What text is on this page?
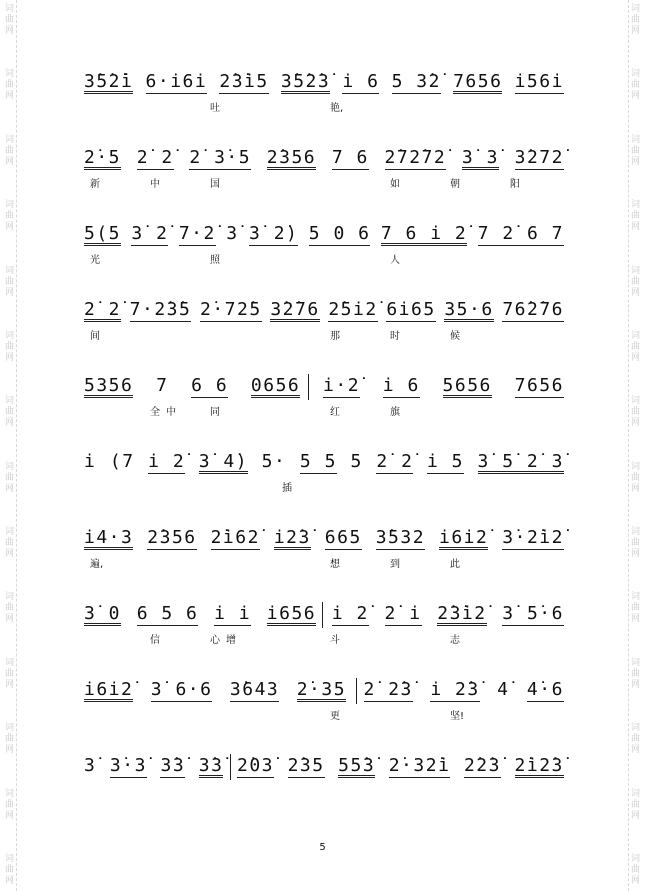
词
曲
网
词
曲
网
词
曲
网
词
曲
网
词
曲
网
词
曲
网
词
曲
网
词
曲
网
词
曲
网
词
曲
网
词
曲
网
词
曲
网
词
曲
网
词
曲
网
词
曲
网
词
曲
网
词
曲
网
词
曲
网
词
曲
网
词
曲
网
词
曲
网
词
曲
网
词
曲
网
词
曲
网
词
曲
网
词
曲
网
词
曲
网
词
曲
网
3̇5̇2̇i̇ 6·i6i 2̇3̇i5 3̇5̇2̇3̇ i 6 5 3̇2̇ 7656 i56i
吐	艳,
2̇·5 2̇ 2̇ 2̇ 3̇·5 2̇356 7 6 2̇72̇72̇ 3̇ 3̇ 3̇272̇
新	中	国	如	朝	阳
5(5 3̇ 2̇ 7·2̇ 3̇ 3̇ 2̇) 5 0 6 7 6 i 2̇ 7 2̇ 6 7
光	照	人
2̇ 2̇ 7·2̇3̇5 2̇·72̇5 3̇2̇76 2̇5i2̇ 6i65 35·6 76̇2̇76
间	那	时	候
5356 7 6 6 0656 i·2̇ i 6 5656 7656
全 中	同	红	旗
i (7 i 2̇ 3̇ 4̇) 5· 5 5 5 2̇ 2̇ i 5 3̇ 5̇ 2̇ 3̇
插
i4·3 2̇356 2̇i62̇ i2̇3̇ 665 3̇532 i6i2̇ 3̇·2̇i2̇
遍,	想	到	此
3̇ 0 6 5 6 i i i656 i 2̇ 2̇ i 2̇3̇i2̇ 3̇ 5̇·6
信	心 增	斗	志
i6i2̇ 3̇ 6·6 3̇643 2̇·35 2̇ 2̇3̇ i 2̇3̇ 4̇ 4̇·6
更	坚!
3̇ 3̇·3̇ 3̇3̇ 3̇3̇ 2̇03̇ 2̇35 55̇3̇ 2̇·32̇i 2̇2̇3̇ 2̇i2̇3̇
5
